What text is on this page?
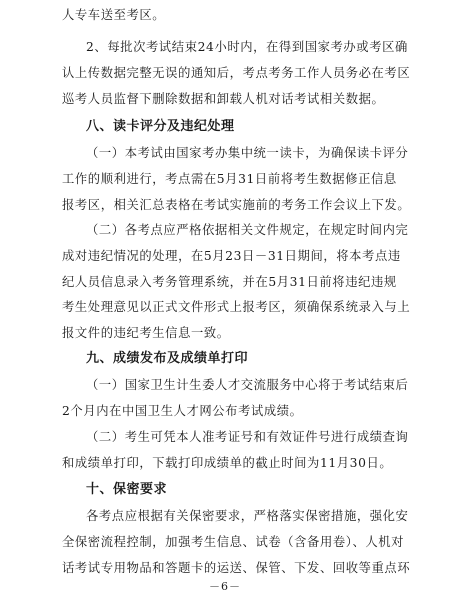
人专车送至考区。
2、每批次考试结束24小时内，在得到国家考办或考区确
认上传数据完整无误的通知后，考点考务工作人员务必在考区
巡考人员监督下删除数据和卸载人机对话考试相关数据。
八、读卡评分及违纪处理
（一）本考试由国家考办集中统一读卡，为确保读卡评分
工作的顺利进行，考点需在5月31日前将考生数据修正信息
报考区，相关汇总表格在考试实施前的考务工作会议上下发。
（二）各考点应严格依据相关文件规定，在规定时间内完
成对违纪情况的处理，在5月23日－31日期间，将本考点违
纪人员信息录入考务管理系统，并在5月31日前将违纪违规
考生处理意见以正式文件形式上报考区，须确保系统录入与上
报文件的违纪考生信息一致。
九、成绩发布及成绩单打印
（一）国家卫生计生委人才交流服务中心将于考试结束后
2个月内在中国卫生人才网公布考试成绩。
（二）考生可凭本人准考证号和有效证件号进行成绩查询
和成绩单打印，下载打印成绩单的截止时间为11月30日。
十、保密要求
各考点应根据有关保密要求，严格落实保密措施，强化安
全保密流程控制，加强考生信息、试卷（含备用卷）、人机对
话考试专用物品和答题卡的运送、保管、下发、回收等重点环
－6－
